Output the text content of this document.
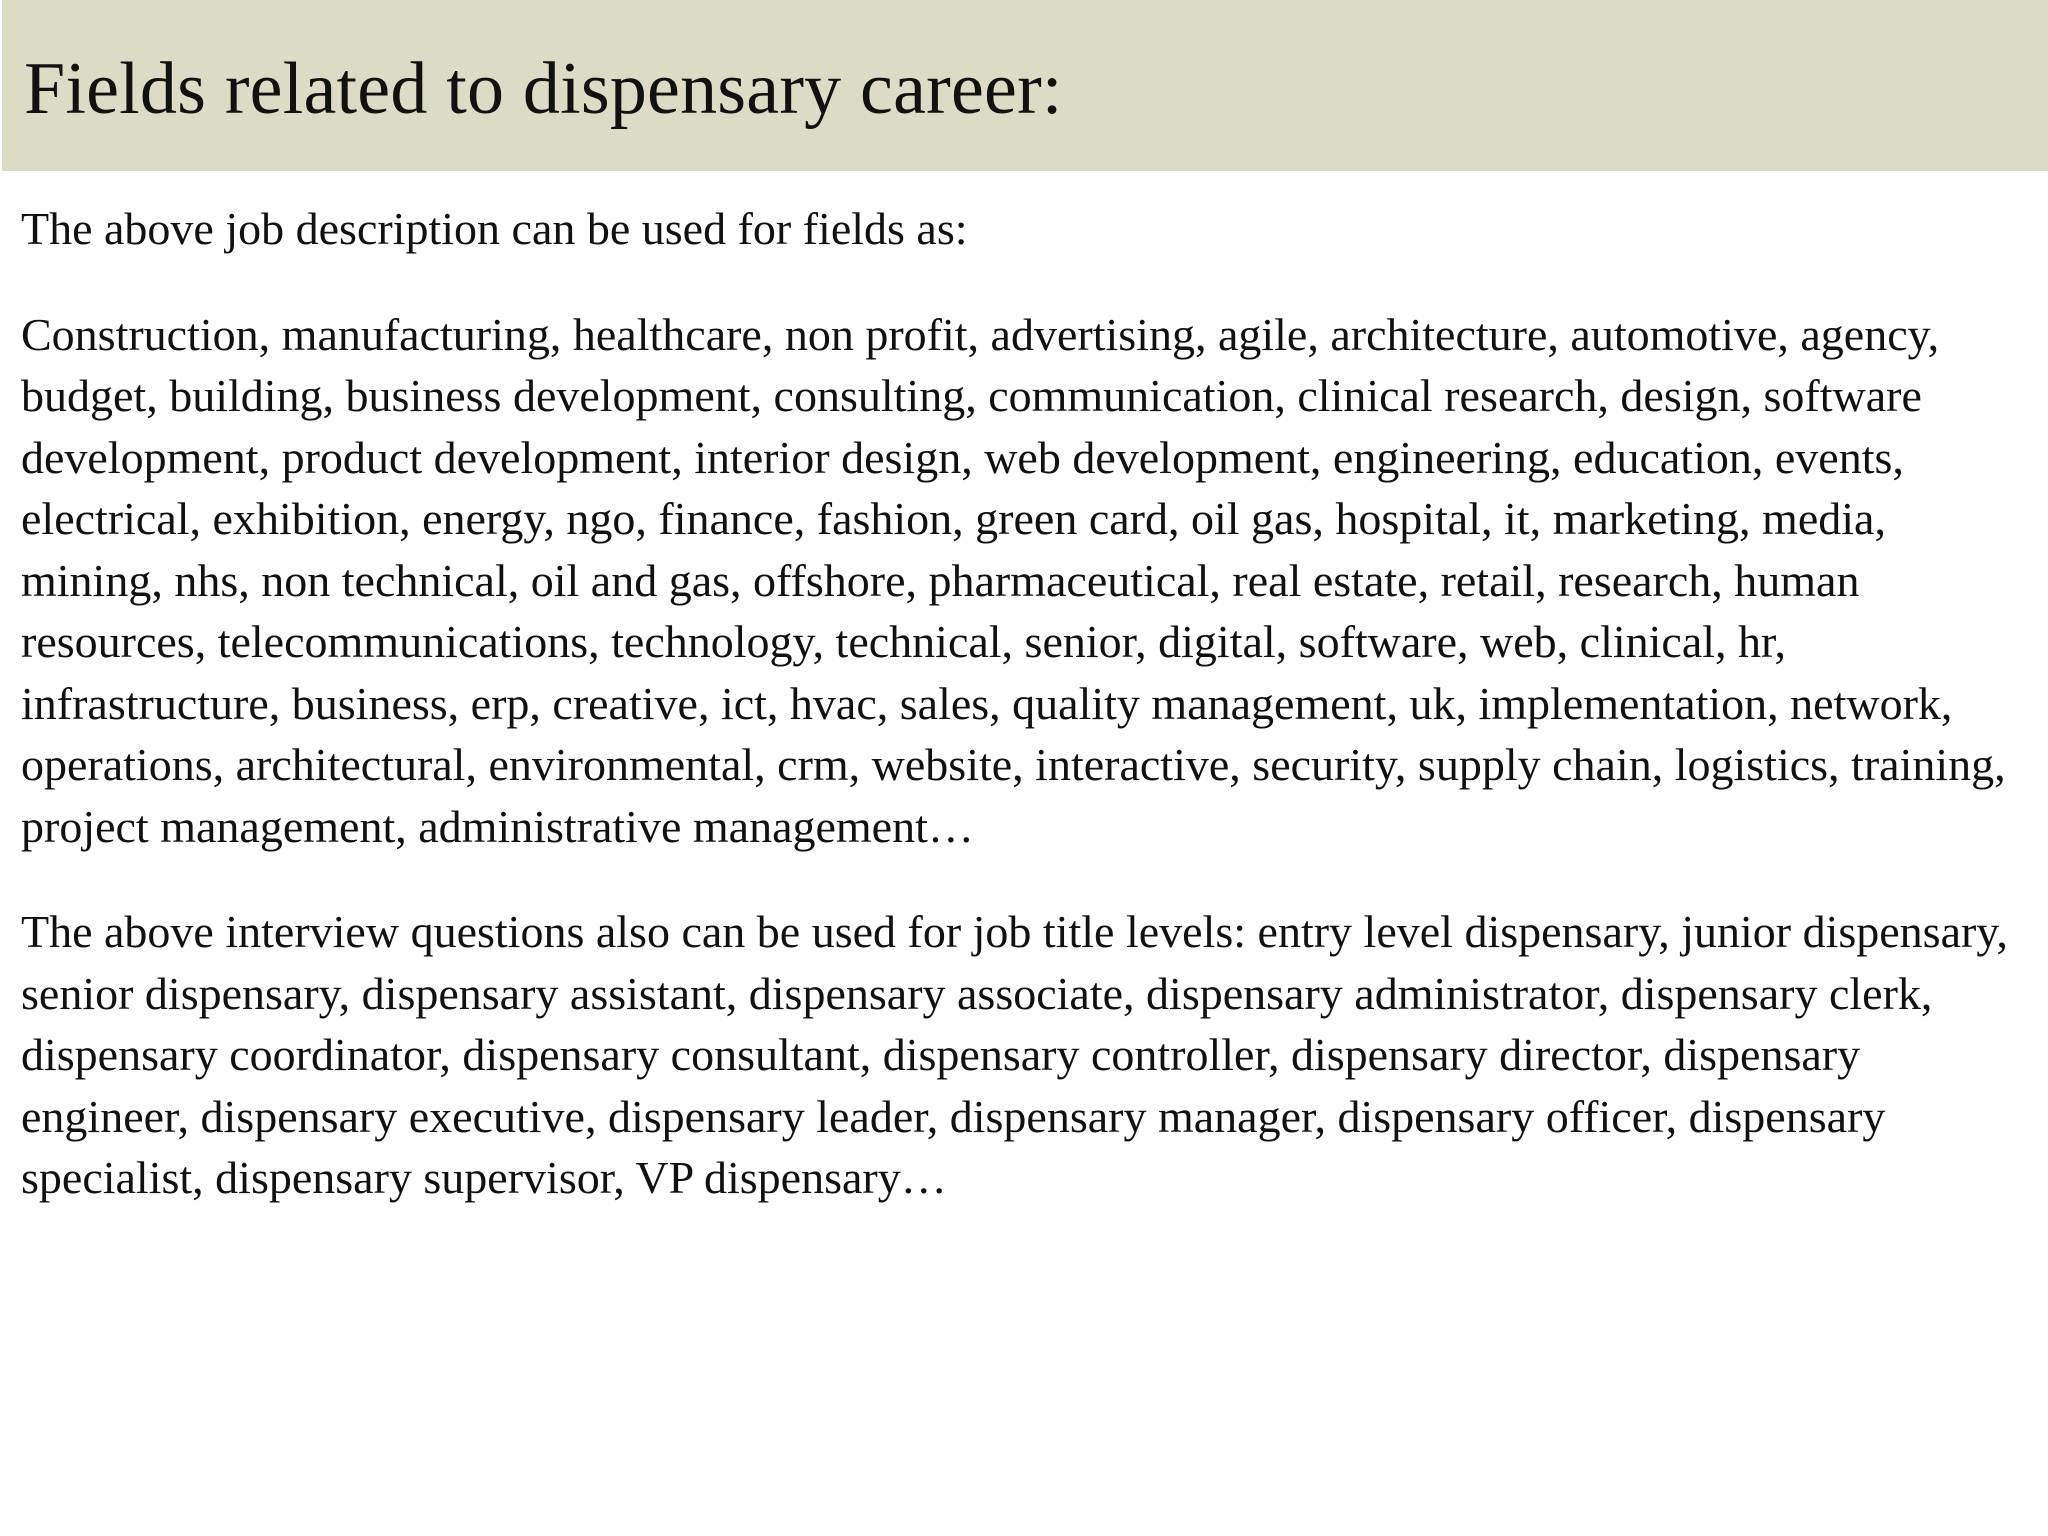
Fields related to dispensary career:

The above job description can be used for fields as:

Construction, manufacturing, healthcare, non profit, advertising, agile, architecture, automotive, agency, budget, building, business development, consulting, communication, clinical research, design, software development, product development, interior design, web development, engineering, education, events, electrical, exhibition, energy, ngo, finance, fashion, green card, oil gas, hospital, it, marketing, media, mining, nhs, non technical, oil and gas, offshore, pharmaceutical, real estate, retail, research, human resources, telecommunications, technology, technical, senior, digital, software, web, clinical, hr, infrastructure, business, erp, creative, ict, hvac, sales, quality management, uk, implementation, network, operations, architectural, environmental, crm, website, interactive, security, supply chain, logistics, training, project management, administrative management…

The above interview questions also can be used for job title levels: entry level dispensary, junior dispensary, senior dispensary, dispensary assistant, dispensary associate, dispensary administrator, dispensary clerk, dispensary coordinator, dispensary consultant, dispensary controller, dispensary director, dispensary engineer, dispensary executive, dispensary leader, dispensary manager, dispensary officer, dispensary specialist, dispensary supervisor, VP dispensary…
